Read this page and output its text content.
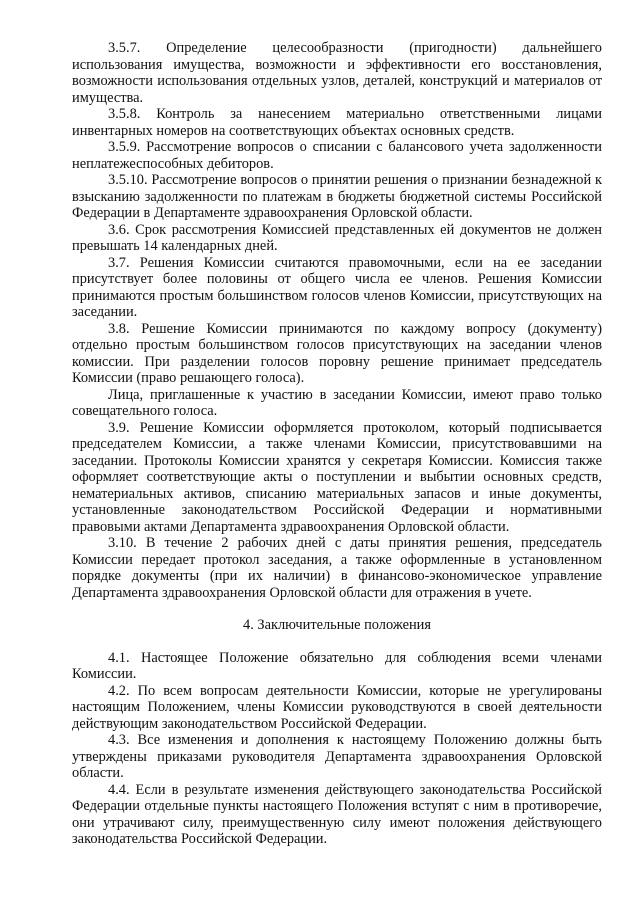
3.5.7. Определение целесообразности (пригодности) дальнейшего использования имущества, возможности и эффективности его восстановления, возможности использования отдельных узлов, деталей, конструкций и материалов от имущества.

3.5.8. Контроль за нанесением материально ответственными лицами инвентарных номеров на соответствующих объектах основных средств.

3.5.9. Рассмотрение вопросов о списании с балансового учета задолженности неплатежеспособных дебиторов.

3.5.10. Рассмотрение вопросов о принятии решения о признании безнадежной к взысканию задолженности по платежам в бюджеты бюджетной системы Российской Федерации в Департаменте здравоохранения Орловской области.

3.6. Срок рассмотрения Комиссией представленных ей документов не должен превышать 14 календарных дней.

3.7. Решения Комиссии считаются правомочными, если на ее заседании присутствует более половины от общего числа ее членов. Решения Комиссии принимаются простым большинством голосов членов Комиссии, присутствующих на заседании.

3.8. Решение Комиссии принимаются по каждому вопросу (документу) отдельно простым большинством голосов присутствующих на заседании членов комиссии. При разделении голосов поровну решение принимает председатель Комиссии (право решающего голоса).

Лица, приглашенные к участию в заседании Комиссии, имеют право только совещательного голоса.

3.9. Решение Комиссии оформляется протоколом, который подписывается председателем Комиссии, а также членами Комиссии, присутствовавшими на заседании. Протоколы Комиссии хранятся у секретаря Комиссии. Комиссия также оформляет соответствующие акты о поступлении и выбытии основных средств, нематериальных активов, списанию материальных запасов и иные документы, установленные законодательством Российской Федерации и нормативными правовыми актами Департамента здравоохранения Орловской области.

3.10. В течение 2 рабочих дней с даты принятия решения, председатель Комиссии передает протокол заседания, а также оформленные в установленном порядке документы (при их наличии) в финансово-экономическое управление Департамента здравоохранения Орловской области для отражения в учете.

4. Заключительные положения

4.1. Настоящее Положение обязательно для соблюдения всеми членами Комиссии.

4.2. По всем вопросам деятельности Комиссии, которые не урегулированы настоящим Положением, члены Комиссии руководствуются в своей деятельности действующим законодательством Российской Федерации.

4.3. Все изменения и дополнения к настоящему Положению должны быть утверждены приказами руководителя Департамента здравоохранения Орловской области.

4.4. Если в результате изменения действующего законодательства Российской Федерации отдельные пункты настоящего Положения вступят с ним в противоречие, они утрачивают силу, преимущественную силу имеют положения действующего законодательства Российской Федерации.
